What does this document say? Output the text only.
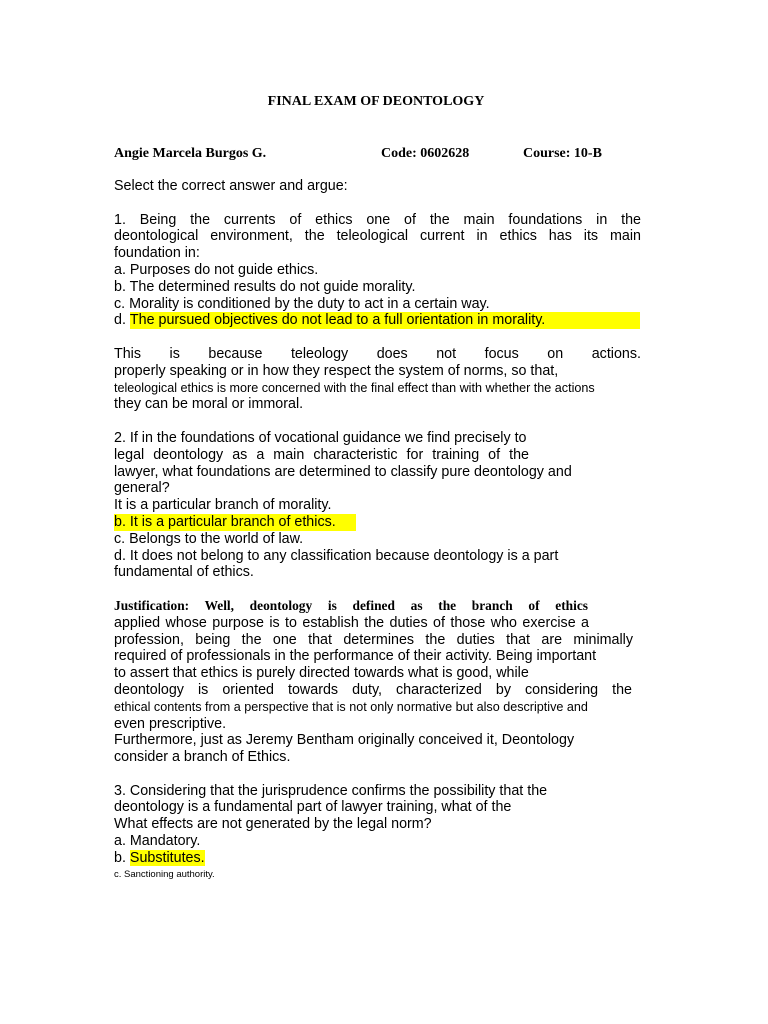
FINAL EXAM OF DEONTOLOGY
Angie Marcela Burgos G.	Code: 0602628	Course: 10-B
Select the correct answer and argue:
1. Being the currents of ethics one of the main foundations in the
deontological environment, the teleological current in ethics has its main
foundation in:
a. Purposes do not guide ethics.
b. The determined results do not guide morality.
c. Morality is conditioned by the duty to act in a certain way.
d. The pursued objectives do not lead to a full orientation in morality.
This is because teleology does not focus on actions.
properly speaking or in how they respect the system of norms, so that,
teleological ethics is more concerned with the final effect than with whether the actions
they can be moral or immoral.
2. If in the foundations of vocational guidance we find precisely to
legal deontology as a main characteristic for training of the
lawyer, what foundations are determined to classify pure deontology and
general?
It is a particular branch of morality.
b. It is a particular branch of ethics.
c. Belongs to the world of law.
d. It does not belong to any classification because deontology is a part
fundamental of ethics.
Justification: Well, deontology is defined as the branch of ethics
applied whose purpose is to establish the duties of those who exercise a
profession, being the one that determines the duties that are minimally
required of professionals in the performance of their activity. Being important
to assert that ethics is purely directed towards what is good, while
deontology is oriented towards duty, characterized by considering the
ethical contents from a perspective that is not only normative but also descriptive and
even prescriptive.
Furthermore, just as Jeremy Bentham originally conceived it, Deontology
consider a branch of Ethics.
3. Considering that the jurisprudence confirms the possibility that the
deontology is a fundamental part of lawyer training, what of the
What effects are not generated by the legal norm?
a. Mandatory.
b. Substitutes.
c. Sanctioning authority.
